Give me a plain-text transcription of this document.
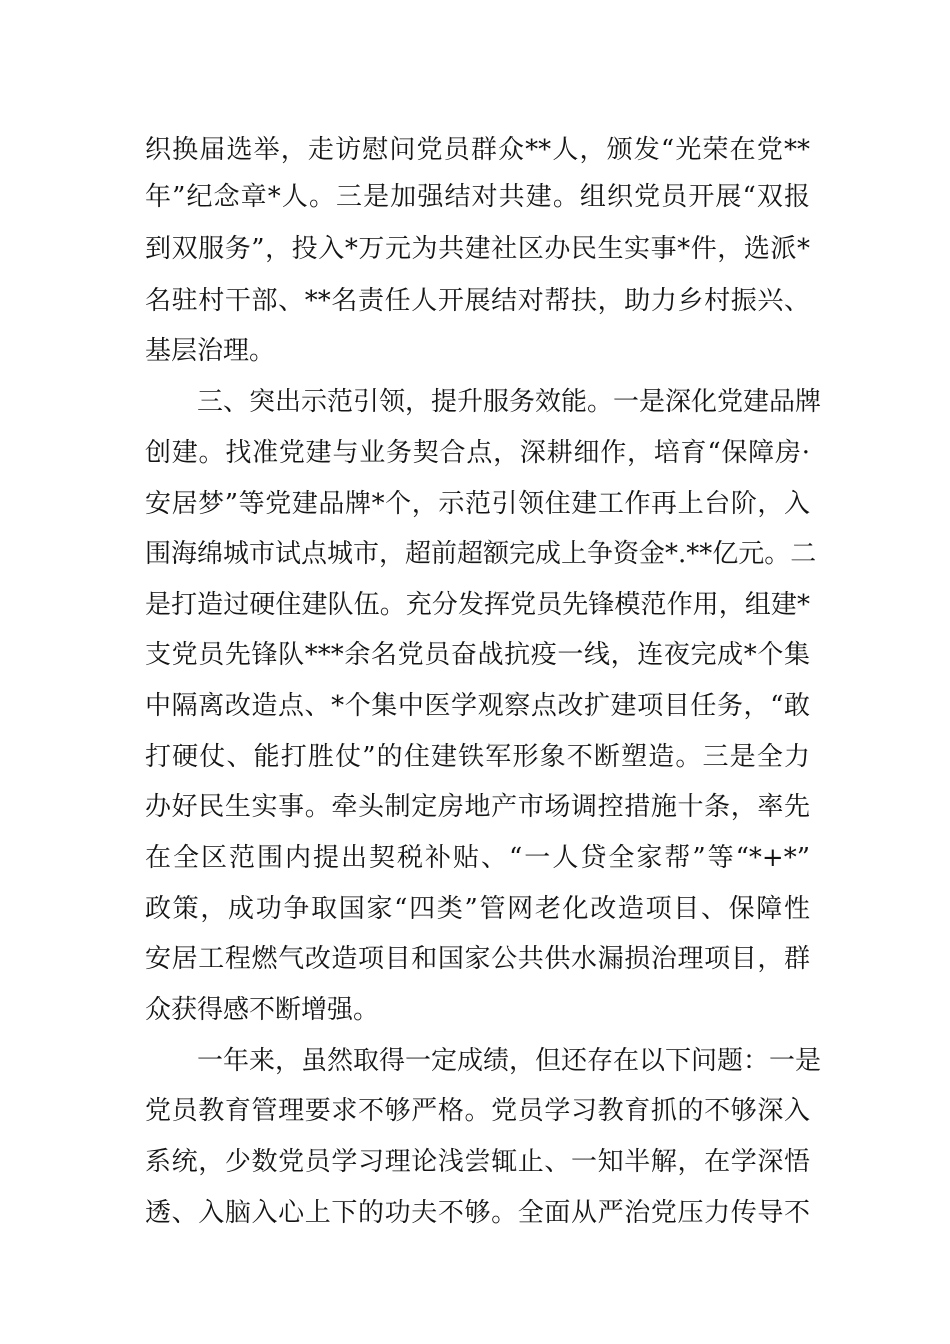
织换届选举，走访慰问党员群众**人，颁发“光荣在党**
年”纪念章*人。三是加强结对共建。组织党员开展“双报
到双服务”，投入*万元为共建社区办民生实事*件，选派*
名驻村干部、**名责任人开展结对帮扶，助力乡村振兴、
基层治理。
　　三、突出示范引领，提升服务效能。一是深化党建品牌
创建。找准党建与业务契合点，深耕细作，培育“保障房·
安居梦”等党建品牌*个，示范引领住建工作再上台阶，入
围海绵城市试点城市，超前超额完成上争资金*.**亿元。二
是打造过硬住建队伍。充分发挥党员先锋模范作用，组建*
支党员先锋队***余名党员奋战抗疫一线，连夜完成*个集
中隔离改造点、*个集中医学观察点改扩建项目任务，“敢
打硬仗、能打胜仗”的住建铁军形象不断塑造。三是全力
办好民生实事。牵头制定房地产市场调控措施十条，率先
在全区范围内提出契税补贴、“一人贷全家帮”等“*+*”
政策，成功争取国家“四类”管网老化改造项目、保障性
安居工程燃气改造项目和国家公共供水漏损治理项目，群
众获得感不断增强。
　　一年来，虽然取得一定成绩，但还存在以下问题：一是
党员教育管理要求不够严格。党员学习教育抓的不够深入
系统，少数党员学习理论浅尝辄止、一知半解，在学深悟
透、入脑入心上下的功夫不够。全面从严治党压力传导不
